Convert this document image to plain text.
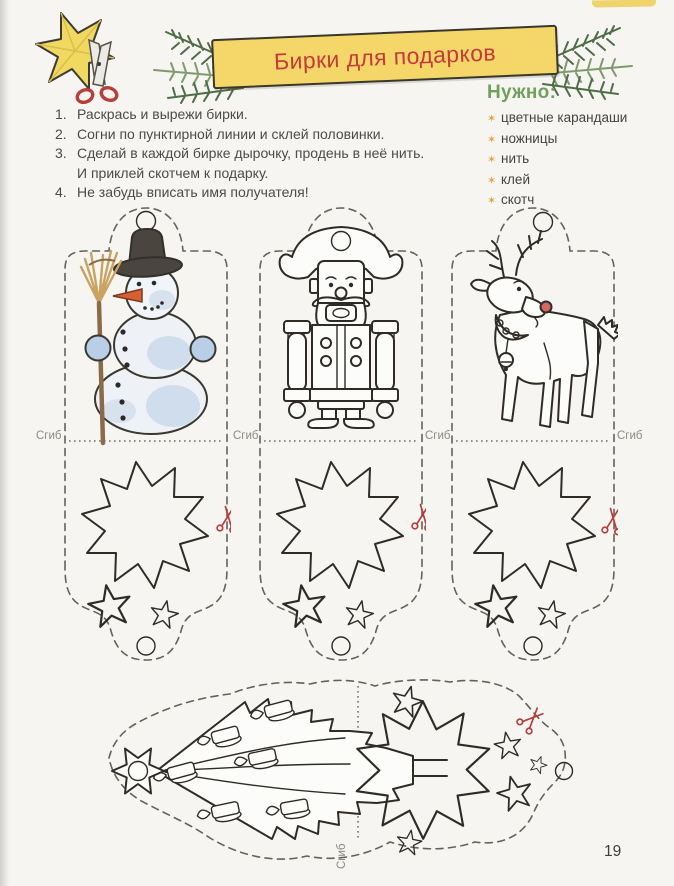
Бирки для подарков
1. Раскрась и вырежи бирки.
2. Согни по пунктирной линии и склей половинки.
3. Сделай в каждой бирке дырочку, продень в неё нить.
И приклей скотчем к подарку.
4. Не забудь вписать имя получателя!
Нужно:
✶ цветные карандаши
✶ ножницы
✶ нить
✶ клей
✶ скотч
Сгиб	Сгиб	Сгиб	Сгиб
Сгиб	19
